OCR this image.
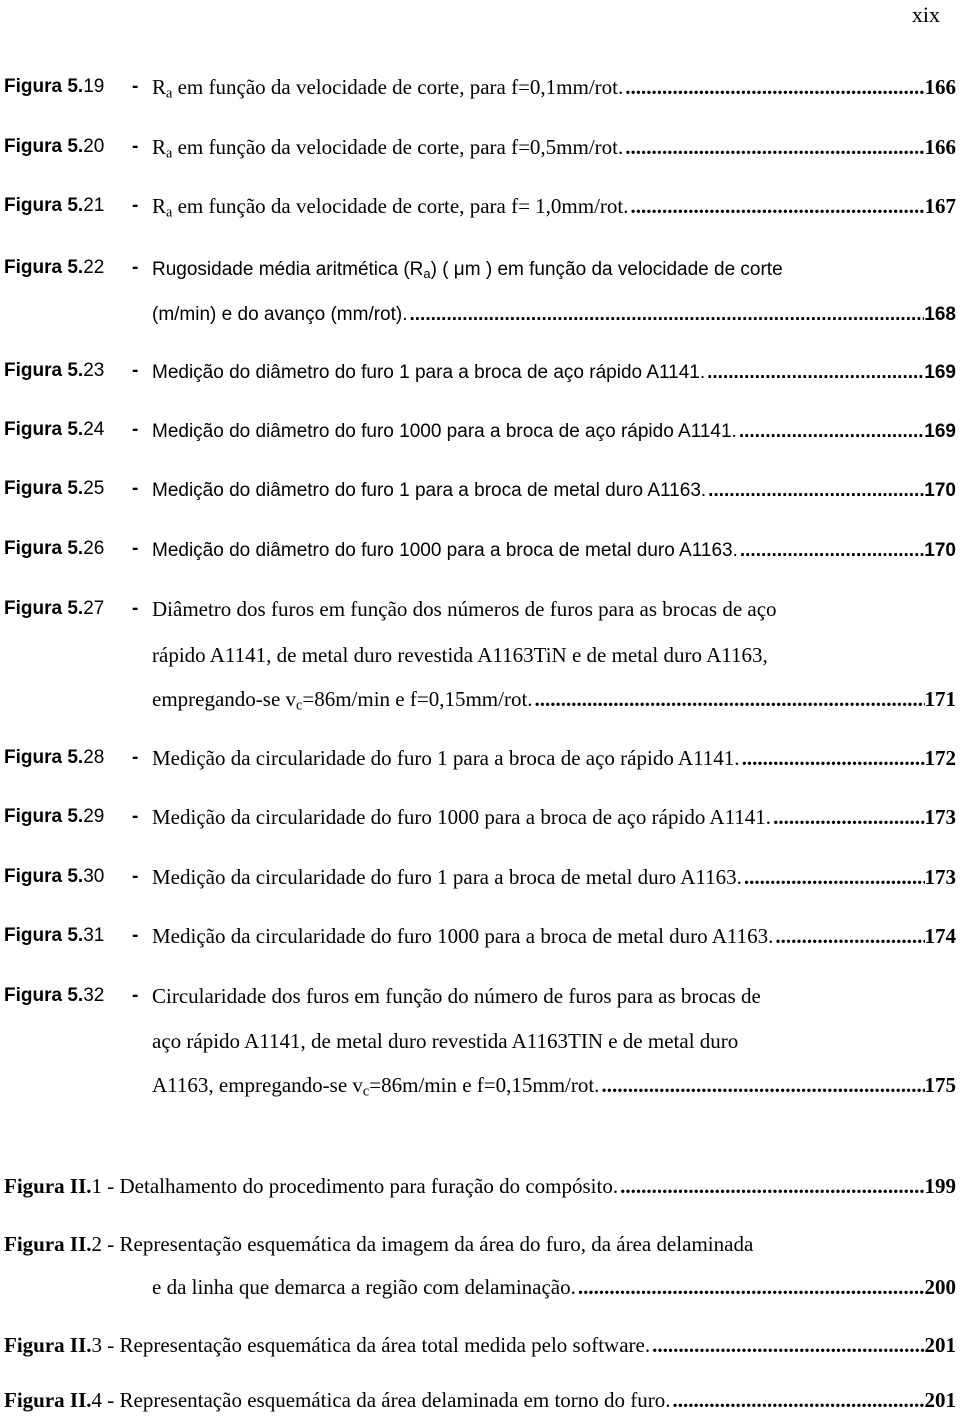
xix
Figura $5.19 - R_a$ em função da velocidade de corte, para f=0,1mm/rot. .....	166
Figura $5.20 - R_a$ em função da velocidade de corte, para f=0,5mm/rot. .....	166
Figura $5.21 - R_a$ em função da velocidade de corte, para f= 1,0mm/rot. .....	167
Figura 5.22 - Rugosidade média aritmética $(R_a)$ ( μm ) em função da velocidade de corte
(m/min) e do avanço (mm/rot). .....	168
Figura 5.23 - Medição do diâmetro do furo 1 para a broca de aço rápido A1141. .....	169
Figura 5.24 - Medição do diâmetro do furo 1000 para a broca de aço rápido A1141. .....	169
Figura 5.25 - Medição do diâmetro do furo 1 para a broca de metal duro A1163. .....	170
Figura 5.26 - Medição do diâmetro do furo 1000 para a broca de metal duro A1163. .....	170
Figura 5.27 - Diâmetro dos furos em função dos números de furos para as brocas de aço
rápido A1141, de metal duro revestida A1163TiN e de metal duro A1163,
empregando-se $v_c=86m/\min$ e f=0,15mm/rot. .....	171
Figura 5.28 - Medição da circularidade do furo 1 para a broca de aço rápido A1141. .....	172
Figura 5.29 - Medição da circularidade do furo 1000 para a broca de aço rápido A1141. .....	173
Figura 5.30 - Medição da circularidade do furo 1 para a broca de metal duro A1163. .....	173
Figura 5.31 - Medição da circularidade do furo 1000 para a broca de metal duro A1163. .....	174
Figura 5.32 - Circularidade dos furos em função do número de furos para as brocas de
aço rápido A1141, de metal duro revestida A1163TIN e de metal duro
A1163, empregando-se $v_c=86m/\min$ e f=0,15mm/rot. .....	175
Figura II.1 - Detalhamento do procedimento para furação do compósito. .....	199
Figura II.2 - Representação esquemática da imagem da área do furo, da área delaminada
e da linha que demarca a região com delaminação. .....	200
Figura II.3 - Representação esquemática da área total medida pelo software. .....	201
Figura II.4 - Representação esquemática da área delaminada em torno do furo. .....	201
